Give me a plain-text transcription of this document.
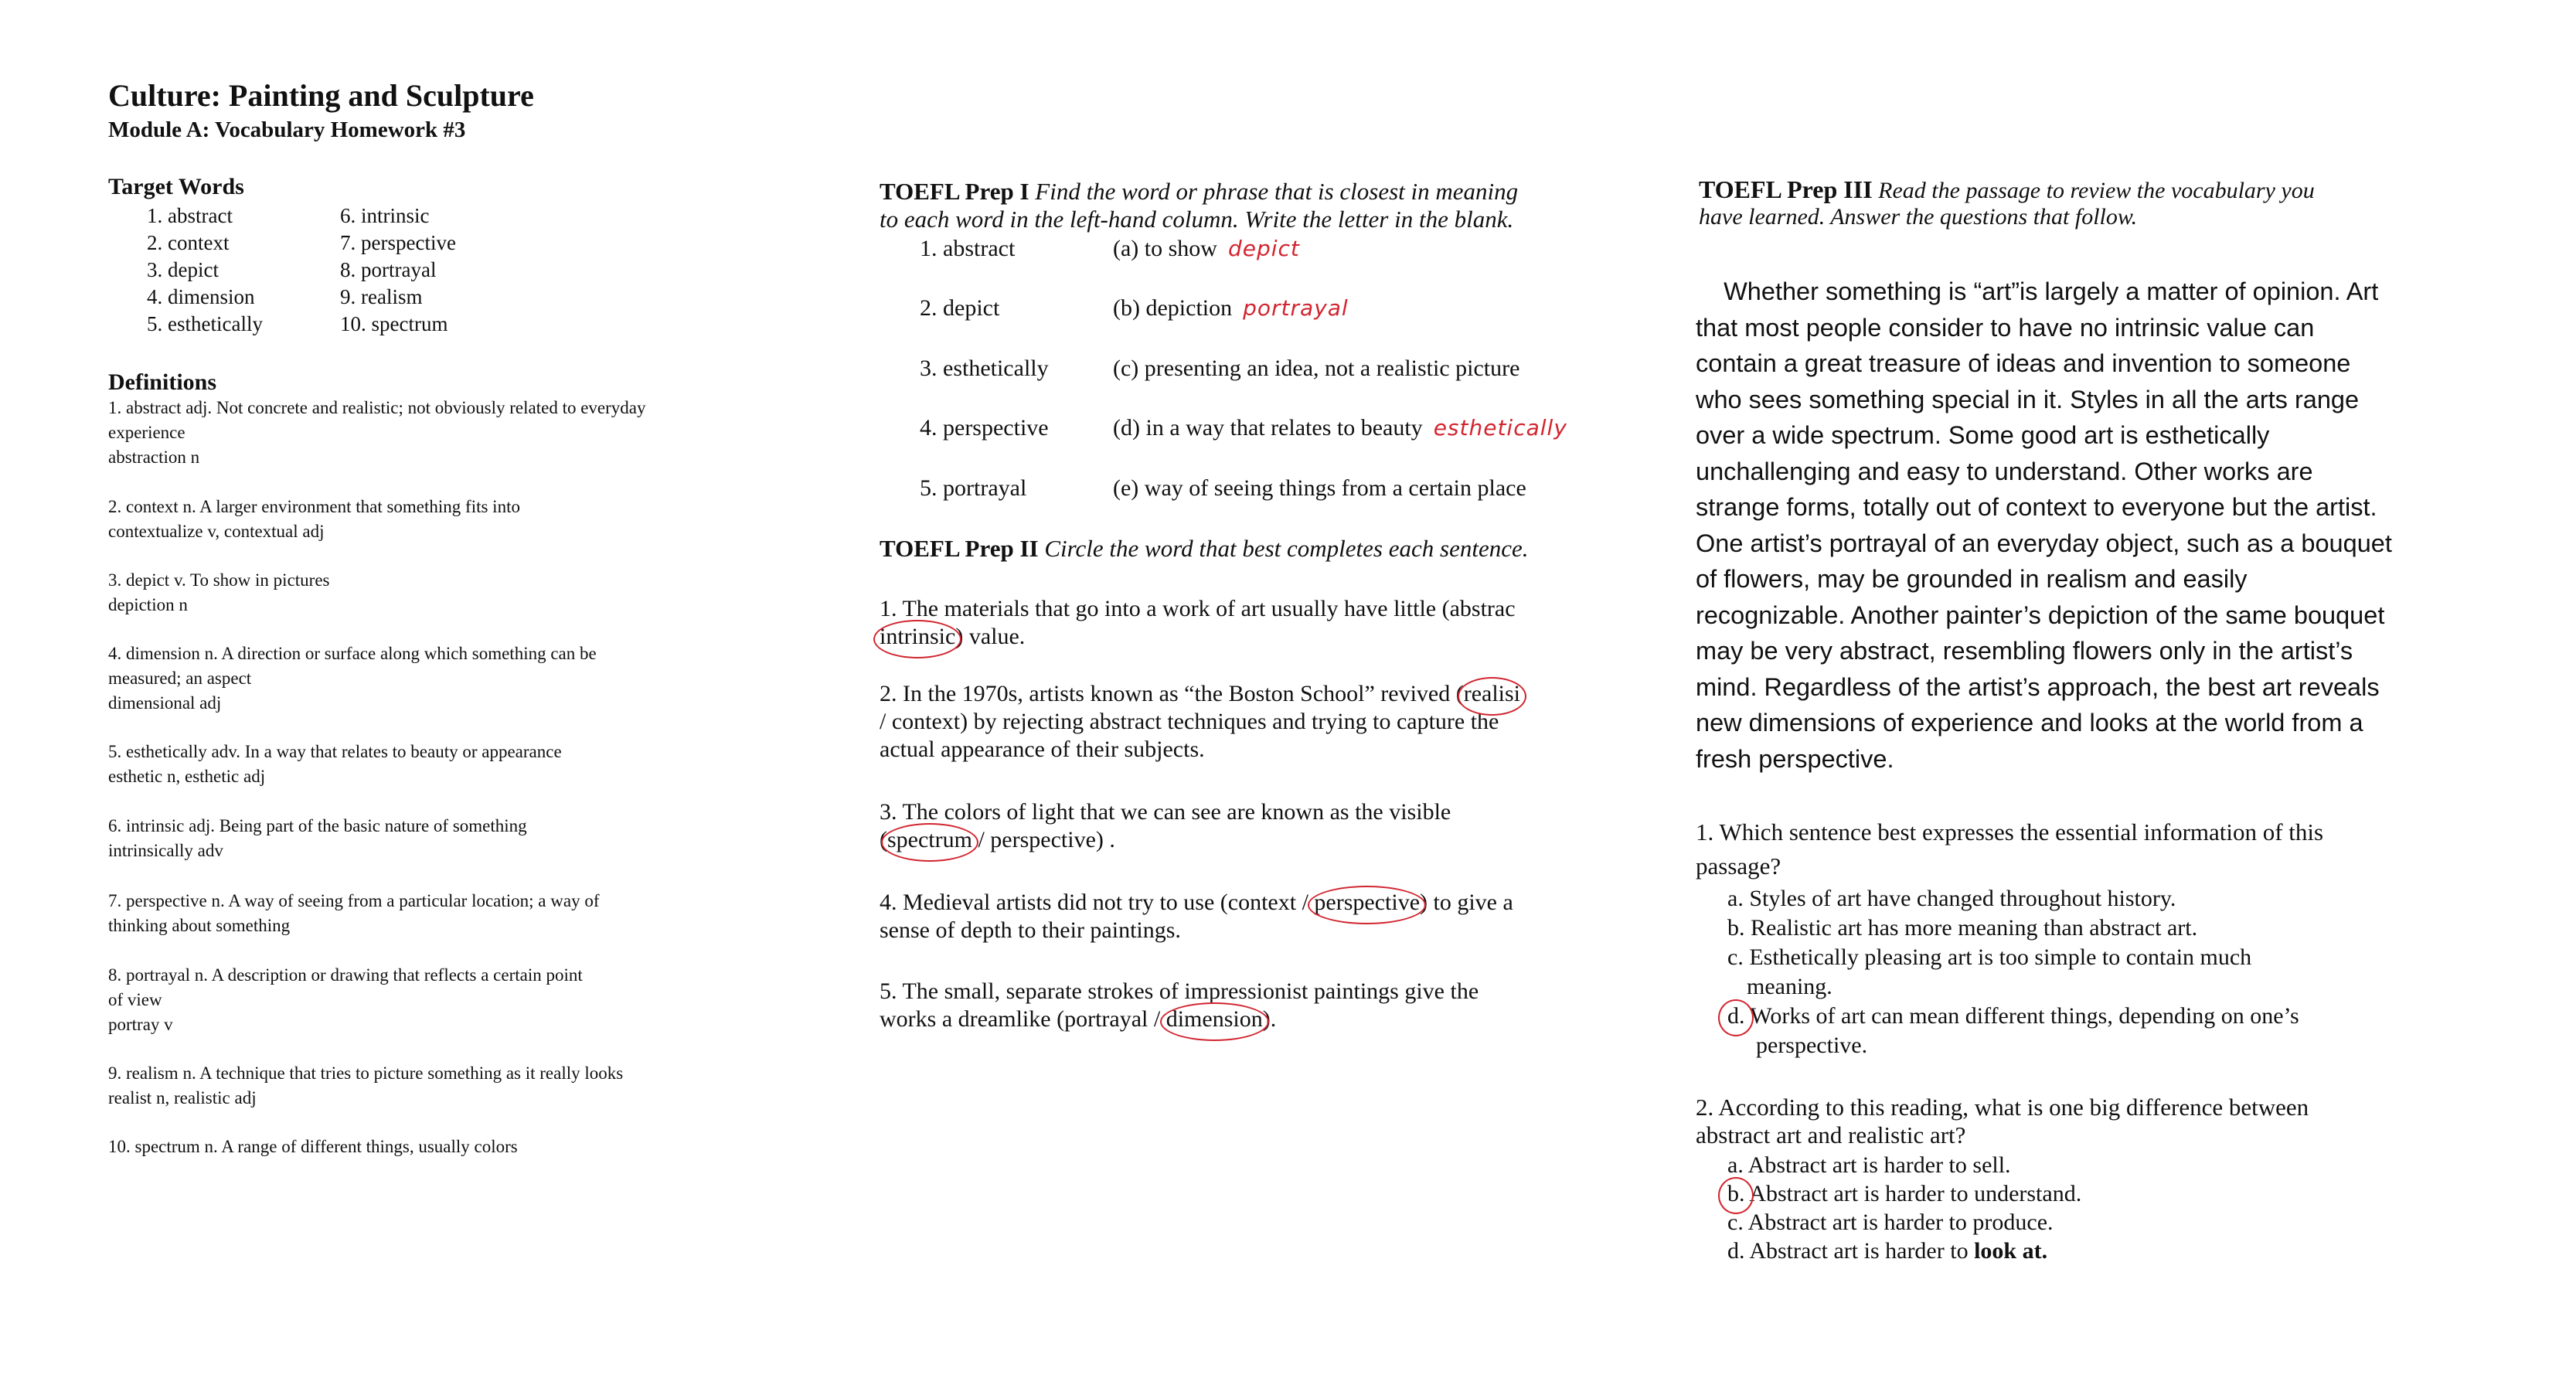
Culture: Painting and Sculpture
Module A: Vocabulary Homework #3
Target Words
1. abstract
2. context
3. depict
4. dimension
5. esthetically
6. intrinsic
7. perspective
8. portrayal
9. realism
10. spectrum
Definitions
1. abstract adj. Not concrete and realistic; not obviously related to everyday
experience
abstraction n
2. context n. A larger environment that something fits into
contextualize v, contextual adj
3. depict v. To show in pictures
depiction n
4. dimension n. A direction or surface along which something can be
measured; an aspect
dimensional adj
5. esthetically adv. In a way that relates to beauty or appearance
esthetic n, esthetic adj
6. intrinsic adj. Being part of the basic nature of something
intrinsically adv
7. perspective n. A way of seeing from a particular location; a way of
thinking about something
8. portrayal n. A description or drawing that reflects a certain point
of view
portray v
9. realism n. A technique that tries to picture something as it really looks
realist n, realistic adj
10. spectrum n. A range of different things, usually colors
TOEFL Prep I Find the word or phrase that is closest in meaning
to each word in the left-hand column. Write the letter in the blank.
1. abstract	(a) to show depict
2. depict	(b) depiction portrayal
3. esthetically	(c) presenting an idea, not a realistic picture
4. perspective	(d) in a way that relates to beauty esthetically
5. portrayal	(e) way of seeing things from a certain place
TOEFL Prep II Circle the word that best completes each sentence.
1. The materials that go into a work of art usually have little (abstrac
intrinsic) value.
2. In the 1970s, artists known as “the Boston School” revived (realisi
/ context) by rejecting abstract techniques and trying to capture the
actual appearance of their subjects.
3. The colors of light that we can see are known as the visible
(spectrum / perspective) .
4. Medieval artists did not try to use (context / perspective) to give a
sense of depth to their paintings.
5. The small, separate strokes of impressionist paintings give the
works a dreamlike (portrayal / dimension).
TOEFL Prep III Read the passage to review the vocabulary you
have learned. Answer the questions that follow.
Whether something is “art”is largely a matter of opinion. Art
that most people consider to have no intrinsic value can
contain a great treasure of ideas and invention to someone
who sees something special in it. Styles in all the arts range
over a wide spectrum. Some good art is esthetically
unchallenging and easy to understand. Other works are
strange forms, totally out of context to everyone but the artist.
One artist’s portrayal of an everyday object, such as a bouquet
of flowers, may be grounded in realism and easily
recognizable. Another painter’s depiction of the same bouquet
may be very abstract, resembling flowers only in the artist’s
mind. Regardless of the artist’s approach, the best art reveals
new dimensions of experience and looks at the world from a
fresh perspective.
1. Which sentence best expresses the essential information of this
passage?
a. Styles of art have changed throughout history.
b. Realistic art has more meaning than abstract art.
c. Esthetically pleasing art is too simple to contain much
meaning.
d. Works of art can mean different things, depending on one’s
perspective.
2. According to this reading, what is one big difference between
abstract art and realistic art?
a. Abstract art is harder to sell.
b. Abstract art is harder to understand.
c. Abstract art is harder to produce.
d. Abstract art is harder to look at.
